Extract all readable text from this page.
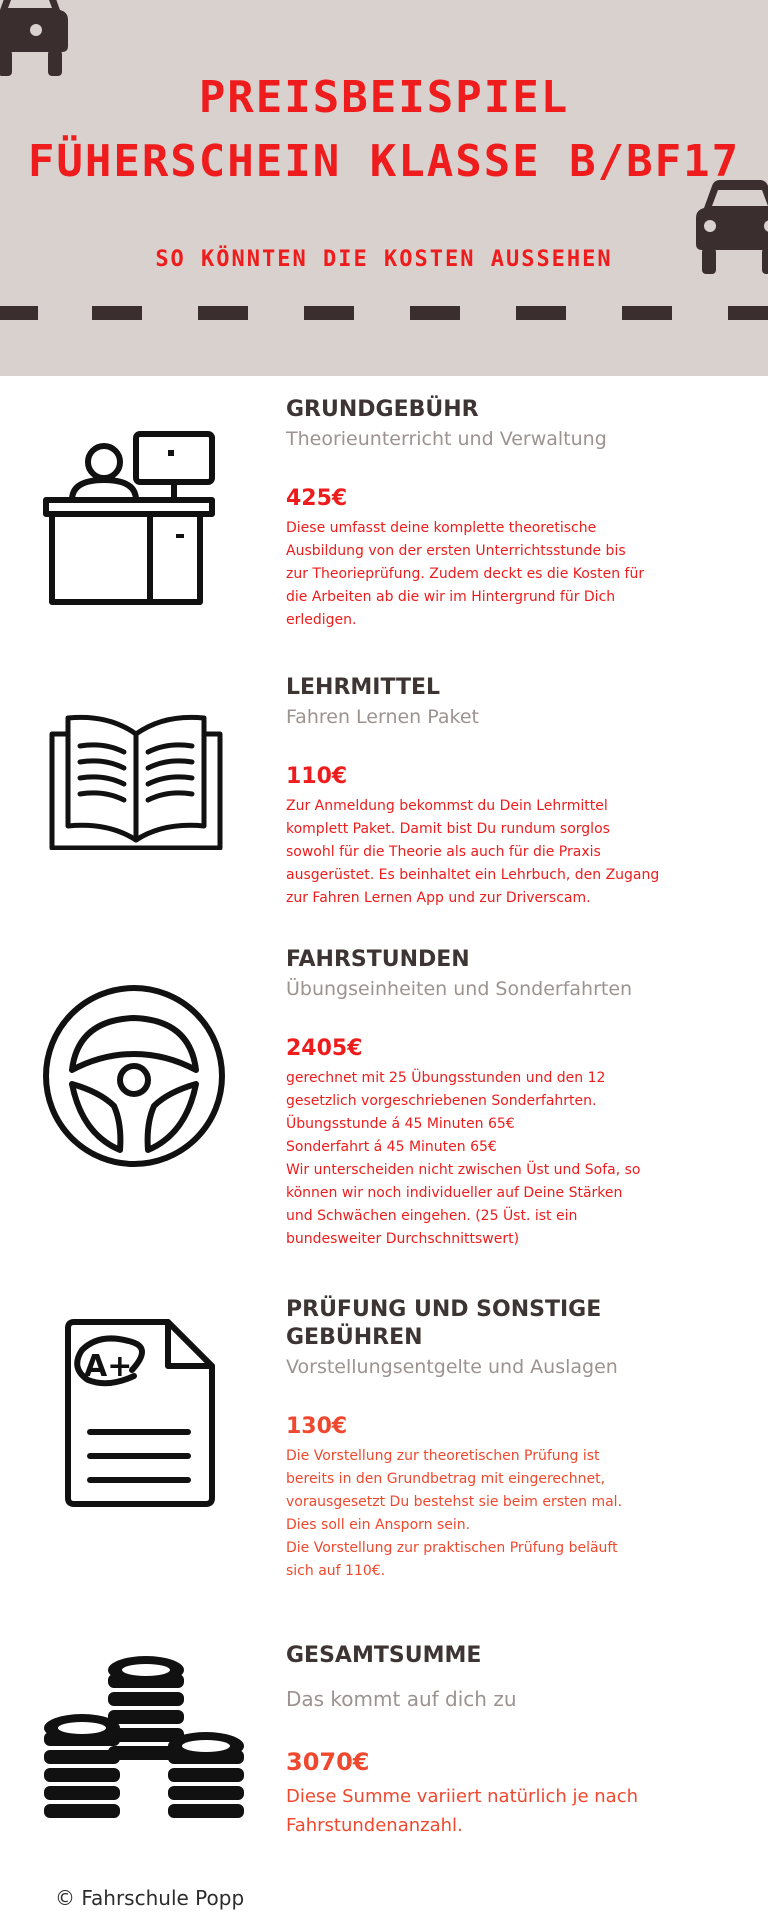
PREISBEISPIEL
FÜHERSCHEIN KLASSE B/BF17
SO KÖNNTEN DIE KOSTEN AUSSEHEN

GRUNDGEBÜHR

Theorieunterricht und Verwaltung

425€

Diese umfasst deine komplette theoretische
Ausbildung von der ersten Unterrichtsstunde bis
zur Theorieprüfung. Zudem deckt es die Kosten für
die Arbeiten ab die wir im Hintergrund für Dich
erledigen.

LEHRMITTEL

Fahren Lernen Paket

110€

Zur Anmeldung bekommst du Dein Lehrmittel
komplett Paket. Damit bist Du rundum sorglos
sowohl für die Theorie als auch für die Praxis
ausgerüstet. Es beinhaltet ein Lehrbuch, den Zugang
zur Fahren Lernen App und zur Driverscam.

FAHRSTUNDEN

Übungseinheiten und Sonderfahrten

2405€

gerechnet mit 25 Übungsstunden und den 12
gesetzlich vorgeschriebenen Sonderfahrten.
Übungsstunde á 45 Minuten 65€
Sonderfahrt á 45 Minuten 65€
Wir unterscheiden nicht zwischen Üst und Sofa, so
können wir noch individueller auf Deine Stärken
und Schwächen eingehen. (25 Üst. ist ein
bundesweiter Durchschnittswert)

A+

PRÜFUNG UND SONSTIGE GEBÜHREN

Vorstellungsentgelte und Auslagen

130€

Die Vorstellung zur theoretischen Prüfung ist
bereits in den Grundbetrag mit eingerechnet,
vorausgesetzt Du bestehst sie beim ersten mal.
Dies soll ein Ansporn sein.
Die Vorstellung zur praktischen Prüfung beläuft
sich auf 110€.

GESAMTSUMME

Das kommt auf dich zu

3070€

Diese Summe variiert natürlich je nach
Fahrstundenanzahl.

© Fahrschule Popp
